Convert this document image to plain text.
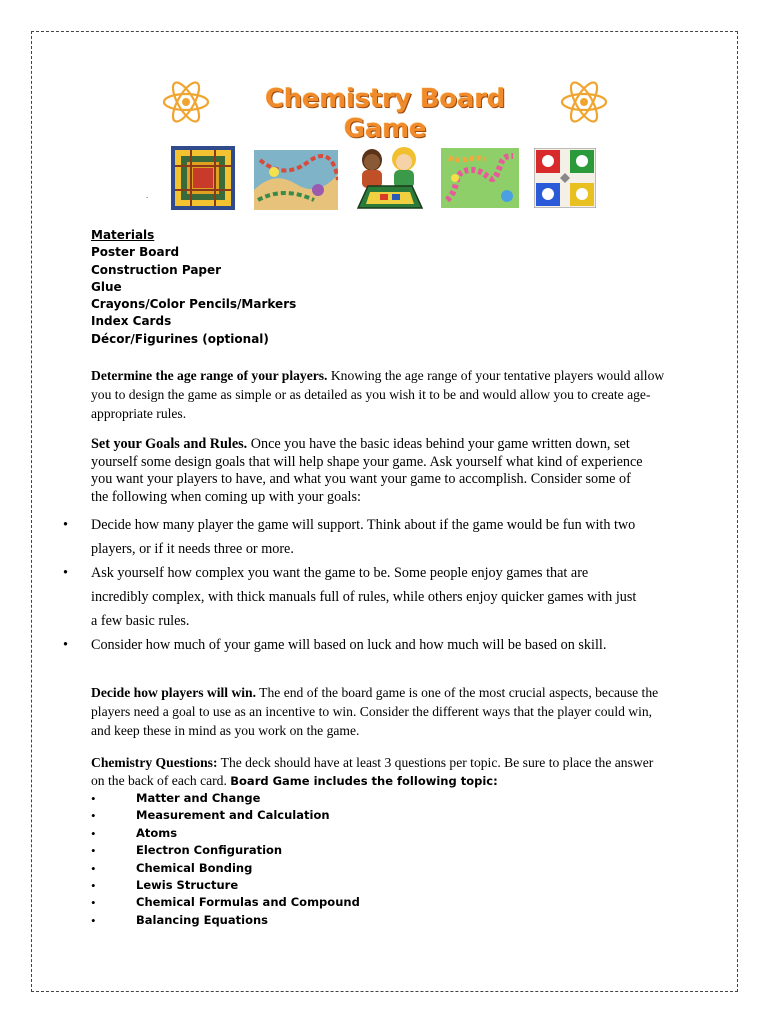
Chemistry Board Game
.
Materials
Poster Board
Construction Paper
Glue
Crayons/Color Pencils/Markers
Index Cards
Décor/Figurines (optional)
Determine the age range of your players. Knowing the age range of your tentative players would allow
you to design the game as simple or as detailed as you wish it to be and would allow you to create age-
appropriate rules.
Set your Goals and Rules. Once you have the basic ideas behind your game written down, set
yourself some design goals that will help shape your game. Ask yourself what kind of experience
you want your players to have, and what you want your game to accomplish. Consider some of
the following when coming up with your goals:
• Decide how many player the game will support. Think about if the game would be fun with two
players, or if it needs three or more.
• Ask yourself how complex you want the game to be. Some people enjoy games that are
incredibly complex, with thick manuals full of rules, while others enjoy quicker games with just
a few basic rules.
• Consider how much of your game will based on luck and how much will be based on skill.
Decide how players will win. The end of the board game is one of the most crucial aspects, because the
players need a goal to use as an incentive to win. Consider the different ways that the player could win,
and keep these in mind as you work on the game.
Chemistry Questions: The deck should have at least 3 questions per topic. Be sure to place the answer
on the back of each card. Board Game includes the following topic:
•	Matter and Change
•	Measurement and Calculation
•	Atoms
•	Electron Configuration
•	Chemical Bonding
•	Lewis Structure
•	Chemical Formulas and Compound
•	Balancing Equations
